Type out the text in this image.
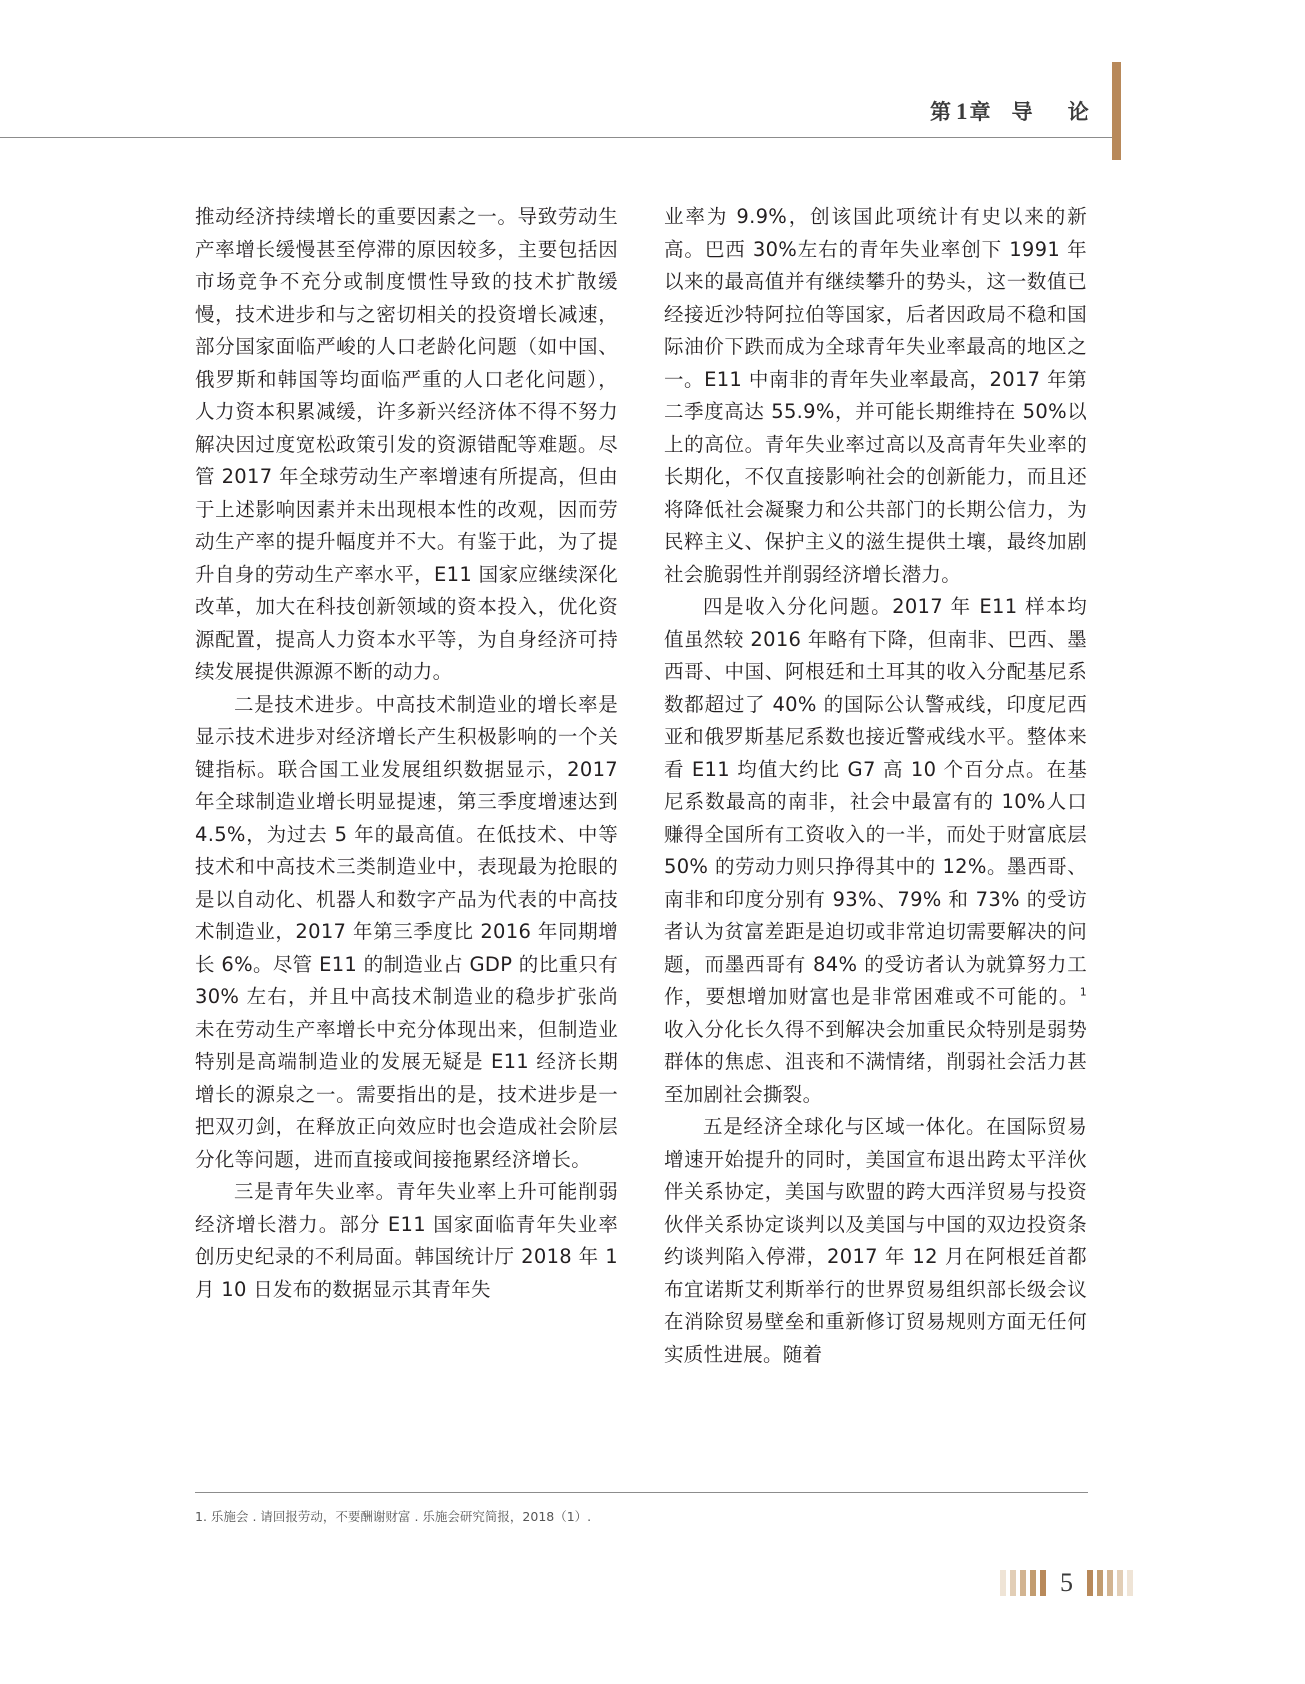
第1章 导 论

推动经济持续增长的重要因素之一。导致劳动生产率增长缓慢甚至停滞的原因较多，主要包括因市场竞争不充分或制度惯性导致的技术扩散缓慢，技术进步和与之密切相关的投资增长减速，部分国家面临严峻的人口老龄化问题（如中国、俄罗斯和韩国等均面临严重的人口老化问题），人力资本积累减缓，许多新兴经济体不得不努力解决因过度宽松政策引发的资源错配等难题。尽管 2017 年全球劳动生产率增速有所提高，但由于上述影响因素并未出现根本性的改观，因而劳动生产率的提升幅度并不大。有鉴于此，为了提升自身的劳动生产率水平，E11 国家应继续深化改革，加大在科技创新领域的资本投入，优化资源配置，提高人力资本水平等，为自身经济可持续发展提供源源不断的动力。

二是技术进步。中高技术制造业的增长率是显示技术进步对经济增长产生积极影响的一个关键指标。联合国工业发展组织数据显示，2017 年全球制造业增长明显提速，第三季度增速达到 4.5%，为过去 5 年的最高值。在低技术、中等技术和中高技术三类制造业中，表现最为抢眼的是以自动化、机器人和数字产品为代表的中高技术制造业，2017 年第三季度比 2016 年同期增长 6%。尽管 E11 的制造业占 GDP 的比重只有 30% 左右，并且中高技术制造业的稳步扩张尚未在劳动生产率增长中充分体现出来，但制造业特别是高端制造业的发展无疑是 E11 经济长期增长的源泉之一。需要指出的是，技术进步是一把双刃剑，在释放正向效应时也会造成社会阶层分化等问题，进而直接或间接拖累经济增长。

三是青年失业率。青年失业率上升可能削弱经济增长潜力。部分 E11 国家面临青年失业率创历史纪录的不利局面。韩国统计厅 2018 年 1 月 10 日发布的数据显示其青年失

业率为 9.9%，创该国此项统计有史以来的新高。巴西 30%左右的青年失业率创下 1991 年以来的最高值并有继续攀升的势头，这一数值已经接近沙特阿拉伯等国家，后者因政局不稳和国际油价下跌而成为全球青年失业率最高的地区之一。E11 中南非的青年失业率最高，2017 年第二季度高达 55.9%，并可能长期维持在 50%以上的高位。青年失业率过高以及高青年失业率的长期化，不仅直接影响社会的创新能力，而且还将降低社会凝聚力和公共部门的长期公信力，为民粹主义、保护主义的滋生提供土壤，最终加剧社会脆弱性并削弱经济增长潜力。

四是收入分化问题。2017 年 E11 样本均值虽然较 2016 年略有下降，但南非、巴西、墨西哥、中国、阿根廷和土耳其的收入分配基尼系数都超过了 40% 的国际公认警戒线，印度尼西亚和俄罗斯基尼系数也接近警戒线水平。整体来看 E11 均值大约比 G7 高 10 个百分点。在基尼系数最高的南非，社会中最富有的 10%人口赚得全国所有工资收入的一半，而处于财富底层 50% 的劳动力则只挣得其中的 12%。墨西哥、南非和印度分别有 93%、79% 和 73% 的受访者认为贫富差距是迫切或非常迫切需要解决的问题，而墨西哥有 84% 的受访者认为就算努力工作，要想增加财富也是非常困难或不可能的。$^1$收入分化长久得不到解决会加重民众特别是弱势群体的焦虑、沮丧和不满情绪，削弱社会活力甚至加剧社会撕裂。

五是经济全球化与区域一体化。在国际贸易增速开始提升的同时，美国宣布退出跨太平洋伙伴关系协定，美国与欧盟的跨大西洋贸易与投资伙伴关系协定谈判以及美国与中国的双边投资条约谈判陷入停滞，2017 年 12 月在阿根廷首都布宜诺斯艾利斯举行的世界贸易组织部长级会议在消除贸易壁垒和重新修订贸易规则方面无任何实质性进展。随着

1. 乐施会 . 请回报劳动，不要酬谢财富 . 乐施会研究简报，2018（1）.
5
